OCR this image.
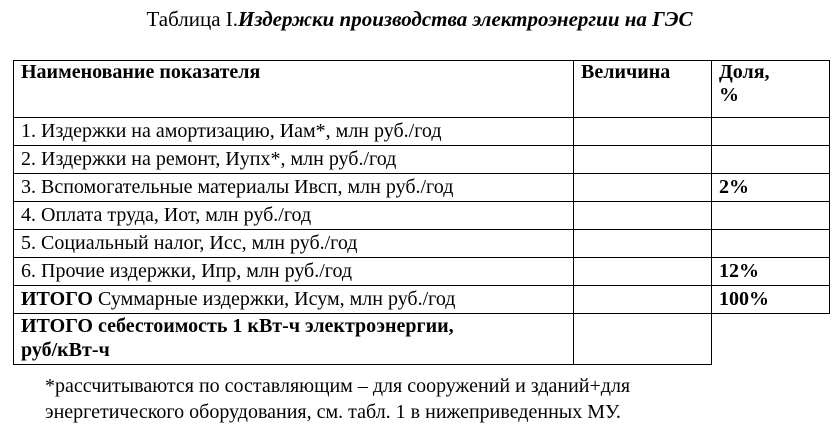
Таблица I.Издержки производства электроэнергии на ГЭС
Наименование показателя	Величина	Доля,
%
1. Издержки на амортизацию, Иам*, млн руб./год		
2. Издержки на ремонт, Иупх*, млн руб./год		
3. Вспомогательные материалы Ивсп, млн руб./год		2%
4. Оплата труда, Иот, млн руб./год		
5. Социальный налог, Исс, млн руб./год		
6. Прочие издержки, Ипр, млн руб./год		12%
ИТОГО Суммарные издержки, Исум, млн руб./год		100%
ИТОГО себестоимость 1 кВт-ч электроэнергии,
руб/кВт-ч		
*рассчитываются по составляющим – для сооружений и зданий+для
энергетического оборудования, см. табл. 1 в нижеприведенных МУ.
